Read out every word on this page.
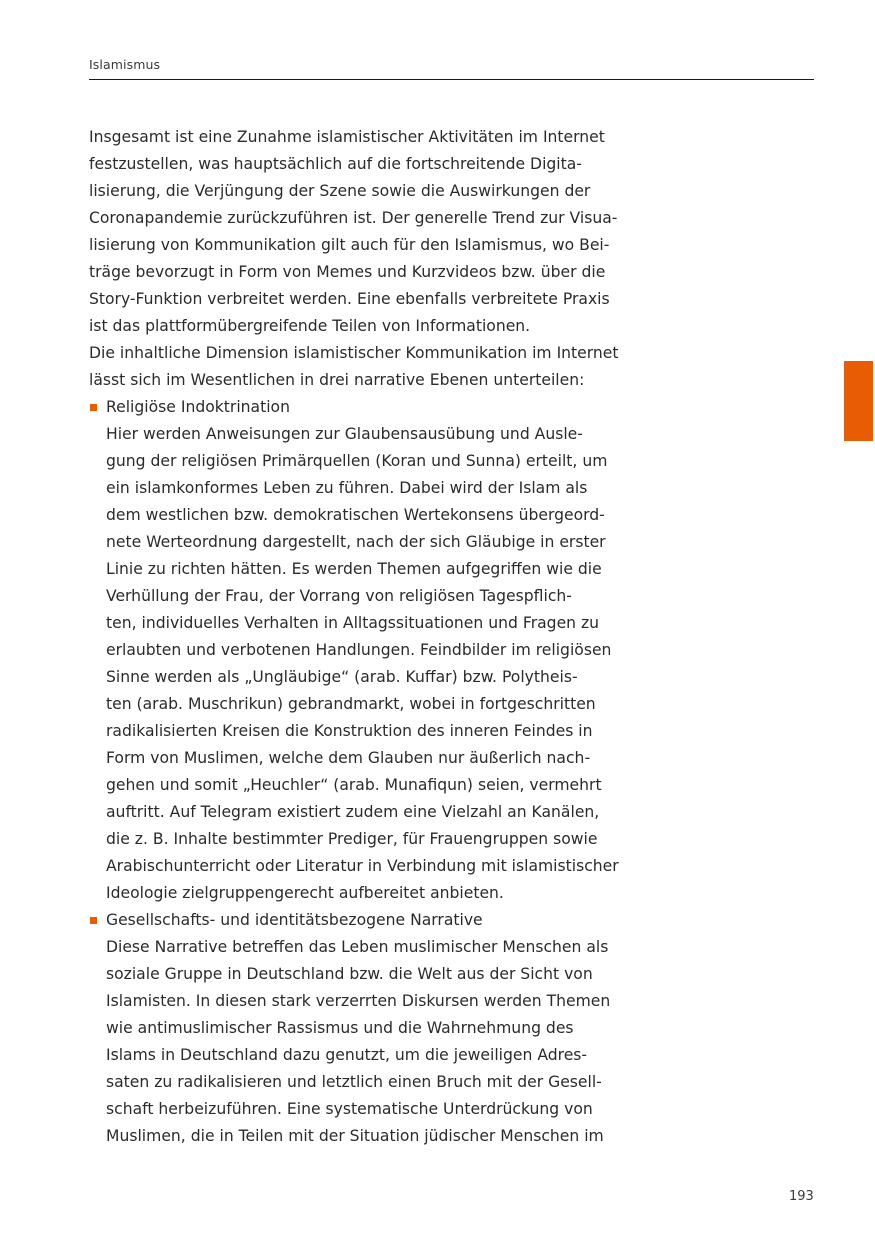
Islamismus

Insgesamt ist eine Zunahme islamistischer Aktivitäten im Internet
festzustellen, was hauptsächlich auf die fortschreitende Digita-
lisierung, die Verjüngung der Szene sowie die Auswirkungen der
Coronapandemie zurückzuführen ist. Der generelle Trend zur Visua-
lisierung von Kommunikation gilt auch für den Islamismus, wo Bei-
träge bevorzugt in Form von Memes und Kurzvideos bzw. über die
Story-Funktion verbreitet werden. Eine ebenfalls verbreitete Praxis
ist das plattformübergreifende Teilen von Informationen.

Die inhaltliche Dimension islamistischer Kommunikation im Internet
lässt sich im Wesentlichen in drei narrative Ebenen unterteilen:

Religiöse Indoktrination
Hier werden Anweisungen zur Glaubensausübung und Ausle-
gung der religiösen Primärquellen (Koran und Sunna) erteilt, um
ein islamkonformes Leben zu führen. Dabei wird der Islam als
dem westlichen bzw. demokratischen Wertekonsens übergeord-
nete Werteordnung dargestellt, nach der sich Gläubige in erster
Linie zu richten hätten. Es werden Themen aufgegriffen wie die
Verhüllung der Frau, der Vorrang von religiösen Tagespflich-
ten, individuelles Verhalten in Alltagssituationen und Fragen zu
erlaubten und verbotenen Handlungen. Feindbilder im religiösen
Sinne werden als „Ungläubige“ (arab. Kuffar) bzw. Polytheis-
ten (arab. Muschrikun) gebrandmarkt, wobei in fortgeschritten
radikalisierten Kreisen die Konstruktion des inneren Feindes in
Form von Muslimen, welche dem Glauben nur äußerlich nach-
gehen und somit „Heuchler“ (arab. Munafiqun) seien, vermehrt
auftritt. Auf Telegram existiert zudem eine Vielzahl an Kanälen,
die z. B. Inhalte bestimmter Prediger, für Frauengruppen sowie
Arabischunterricht oder Literatur in Verbindung mit islamistischer
Ideologie zielgruppengerecht aufbereitet anbieten.
Gesellschafts- und identitätsbezogene Narrative
Diese Narrative betreffen das Leben muslimischer Menschen als
soziale Gruppe in Deutschland bzw. die Welt aus der Sicht von
Islamisten. In diesen stark verzerrten Diskursen werden Themen
wie antimuslimischer Rassismus und die Wahrnehmung des
Islams in Deutschland dazu genutzt, um die jeweiligen Adres-
saten zu radikalisieren und letztlich einen Bruch mit der Gesell-
schaft herbeizuführen. Eine systematische Unterdrückung von
Muslimen, die in Teilen mit der Situation jüdischer Menschen im
193
